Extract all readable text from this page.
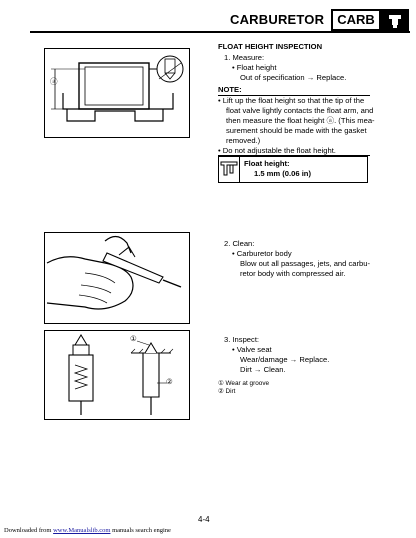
CARBURETOR	CARB
ⓐ
FLOAT HEIGHT INSPECTION
1. Measure:
• Float height
Out of specification → Replace.
NOTE:
• Lift up the float height so that the tip of the
float valve lightly contacts the float arm, and
then measure the float height ⓐ. (This mea-
surement should be made with the gasket
removed.)
• Do not adjustable the float height.
Float height:
1.5 mm (0.06 in)
2. Clean:
• Carburetor body
Blow out all passages, jets, and carbu-
retor body with compressed air.
①
②
3. Inspect:
• Valve seat
Wear/damage → Replace.
Dirt → Clean.
① Wear at groove
② Dirt
4-4
Downloaded from www.Manualslib.com manuals search engine
